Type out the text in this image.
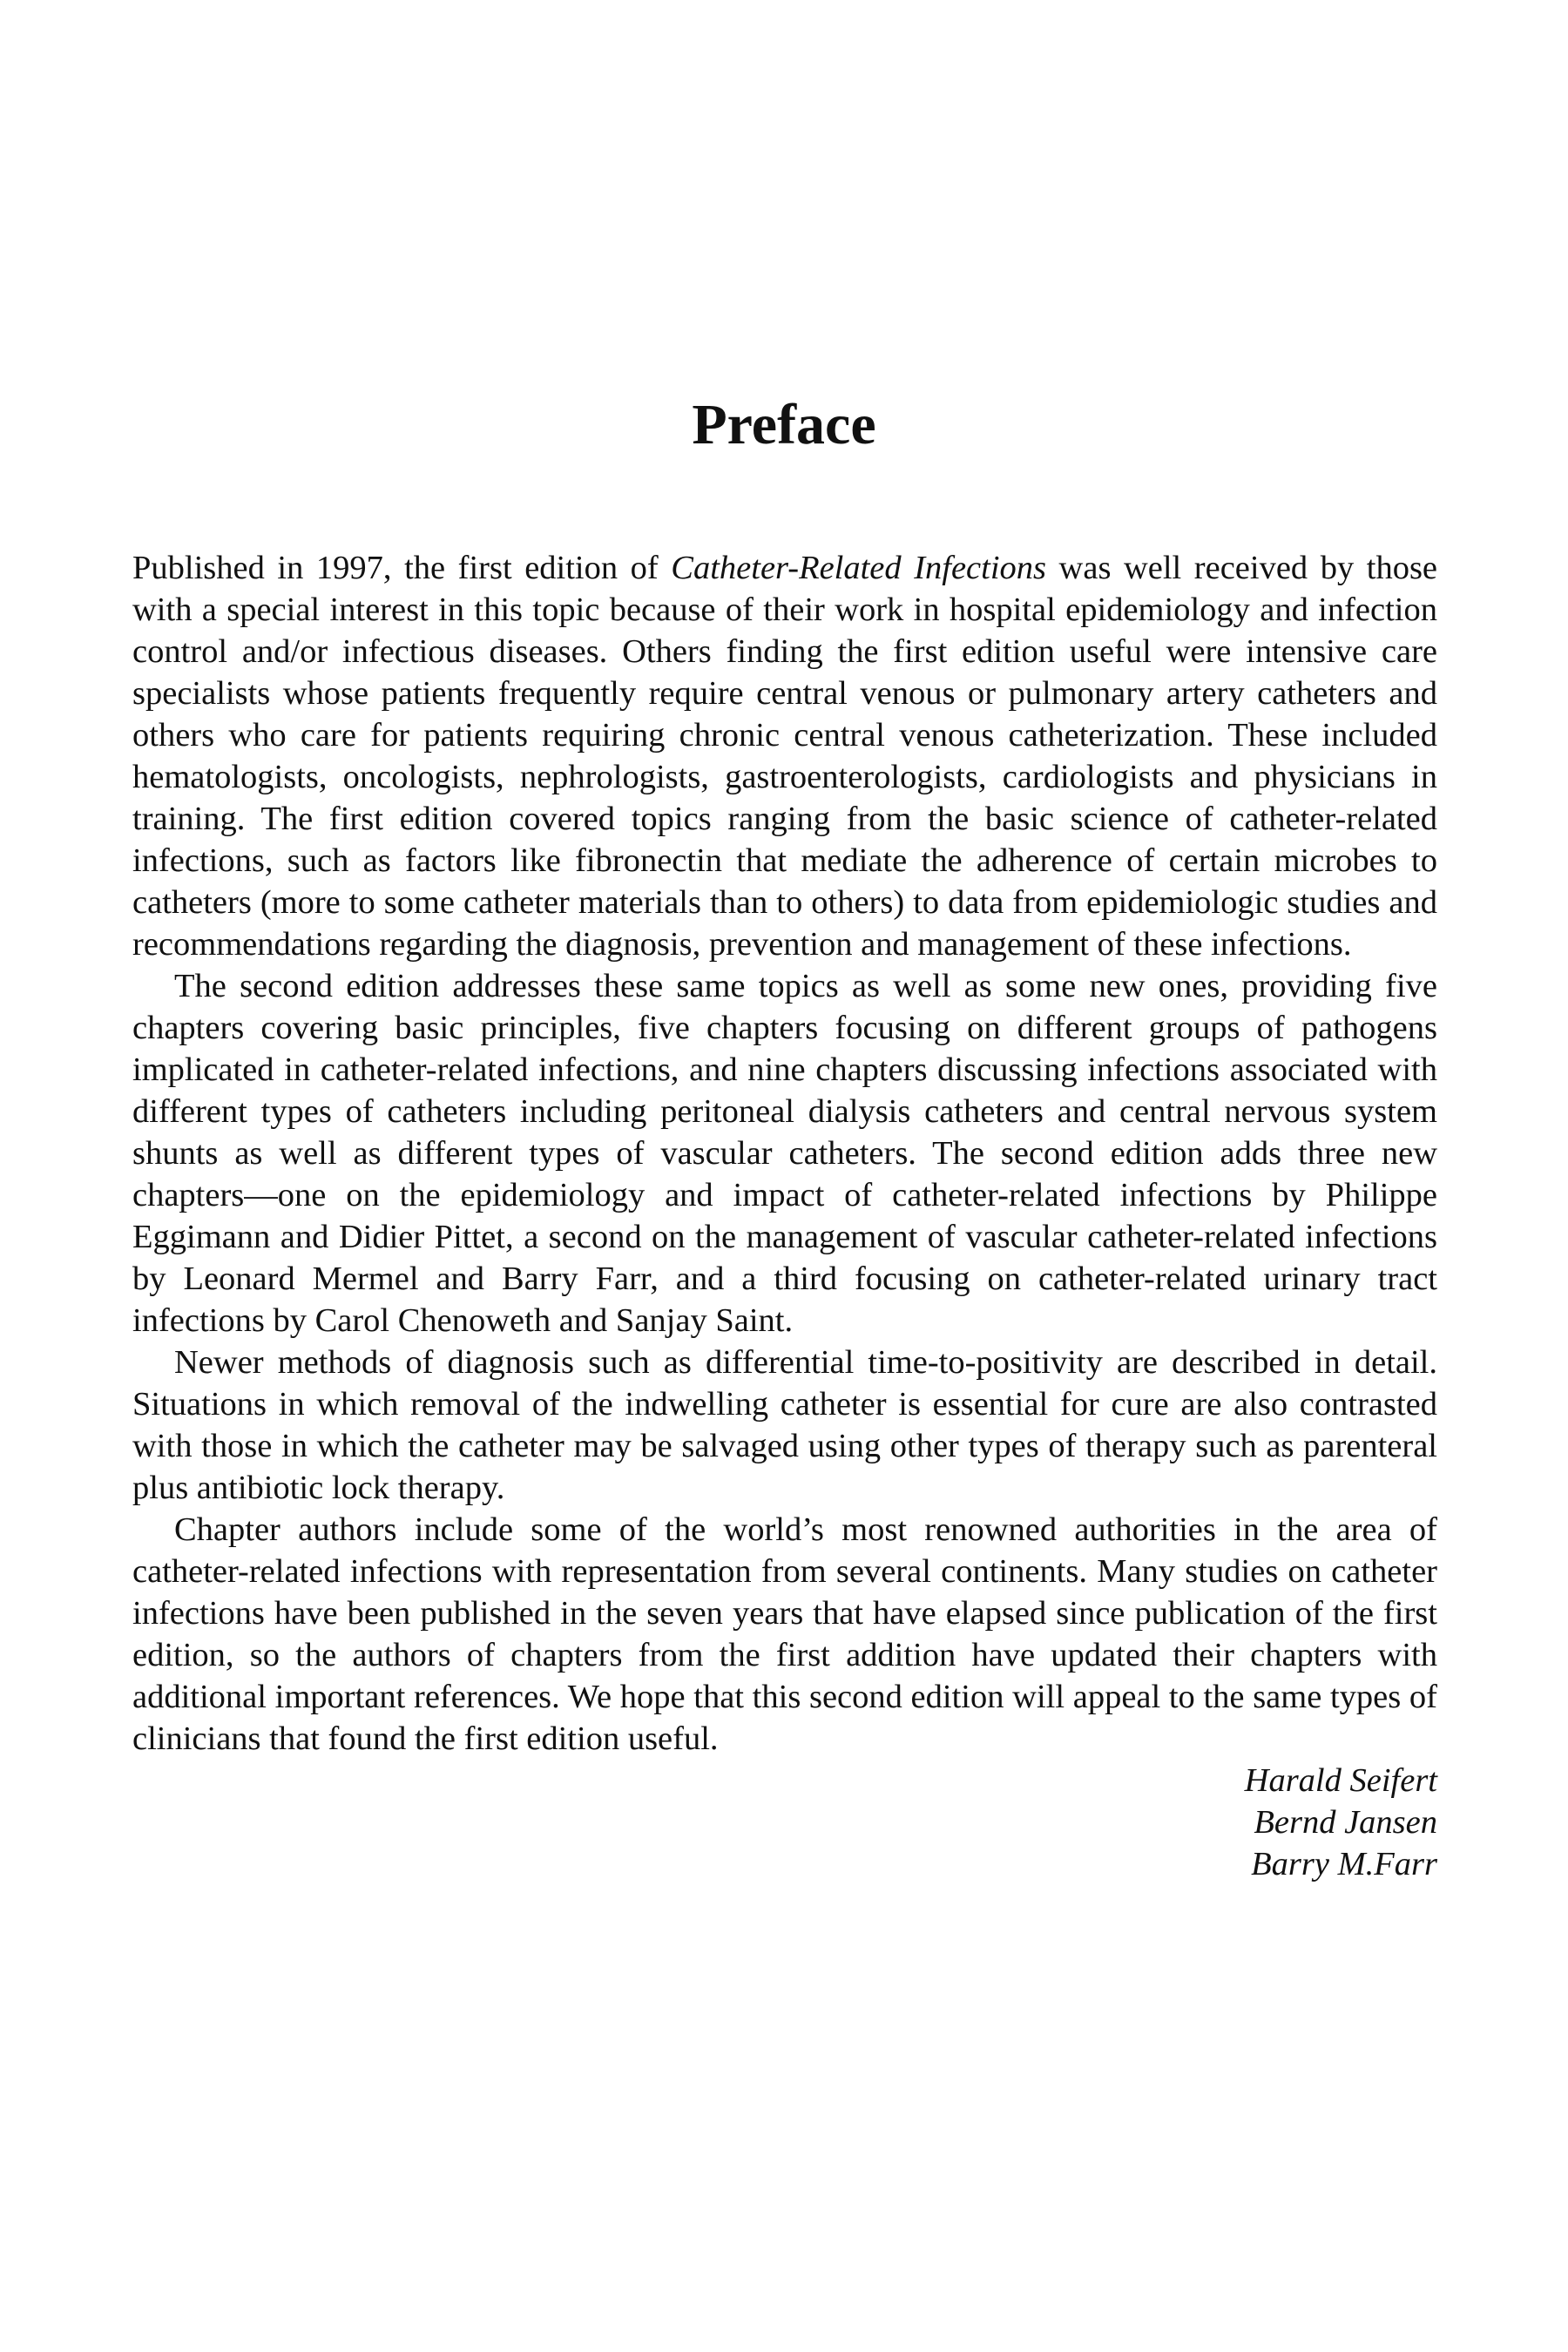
Preface

Published in 1997, the first edition of Catheter-Related Infections was well received by those with a special interest in this topic because of their work in hospital epidemiology and infection control and/or infectious diseases. Others finding the first edition useful were intensive care specialists whose patients frequently require central venous or pulmonary artery catheters and others who care for patients requiring chronic central venous catheterization. These included hematologists, oncologists, nephrologists, gastroenterologists, cardiologists and physicians in training. The first edition covered topics ranging from the basic science of catheter-related infections, such as factors like fibronectin that mediate the adherence of certain microbes to catheters (more to some catheter materials than to others) to data from epidemiologic studies and recommendations regarding the diagnosis, prevention and management of these infections.

The second edition addresses these same topics as well as some new ones, providing five chapters covering basic principles, five chapters focusing on different groups of pathogens implicated in catheter-related infections, and nine chapters discussing infections associated with different types of catheters including peritoneal dialysis catheters and central nervous system shunts as well as different types of vascular catheters. The second edition adds three new chapters—one on the epidemiology and impact of catheter-related infections by Philippe Eggimann and Didier Pittet, a second on the management of vascular catheter-related infections by Leonard Mermel and Barry Farr, and a third focusing on catheter-related urinary tract infections by Carol Chenoweth and Sanjay Saint.

Newer methods of diagnosis such as differential time-to-positivity are described in detail. Situations in which removal of the indwelling catheter is essential for cure are also contrasted with those in which the catheter may be salvaged using other types of therapy such as parenteral plus antibiotic lock therapy.

Chapter authors include some of the world’s most renowned authorities in the area of catheter-related infections with representation from several continents. Many studies on catheter infections have been published in the seven years that have elapsed since publication of the first edition, so the authors of chapters from the first addition have updated their chapters with additional important references. We hope that this second edition will appeal to the same types of clinicians that found the first edition useful.

Harald Seifert
Bernd Jansen
Barry M.Farr
